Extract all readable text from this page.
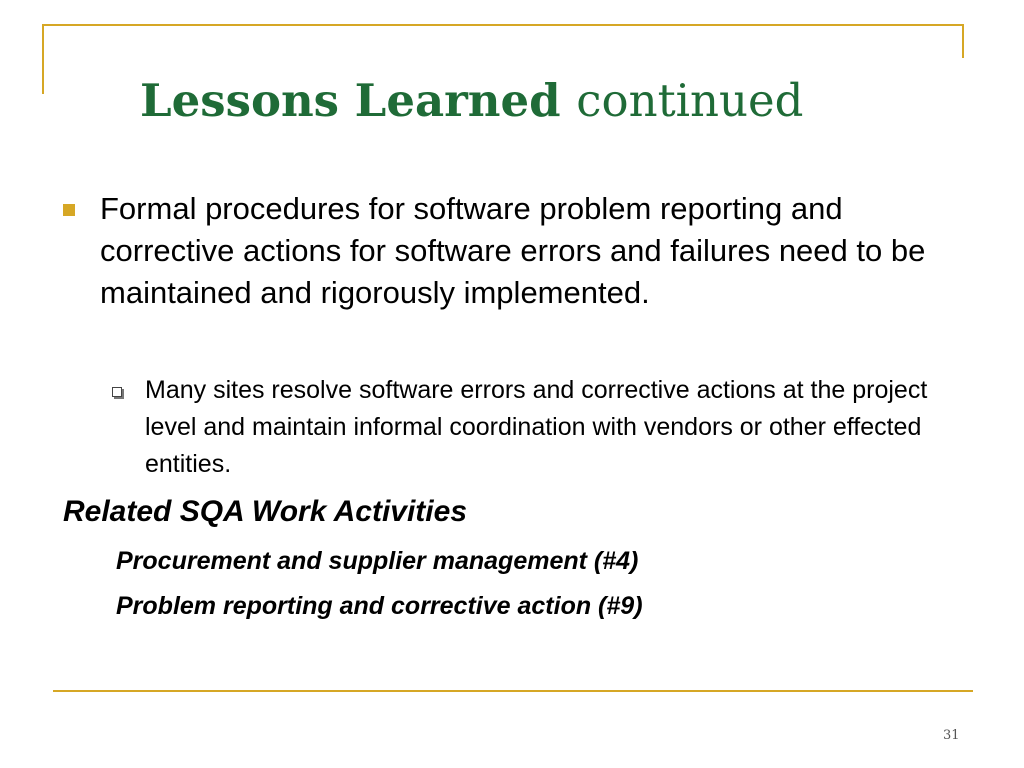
Lessons Learned continued
Formal procedures for software problem reporting and corrective actions for software errors and failures need to be maintained and rigorously implemented.
Many sites resolve software errors and corrective actions at the project level and maintain informal coordination with vendors or other effected entities.
Related SQA Work Activities
Procurement and supplier management (#4)
Problem reporting and corrective action (#9)
31
